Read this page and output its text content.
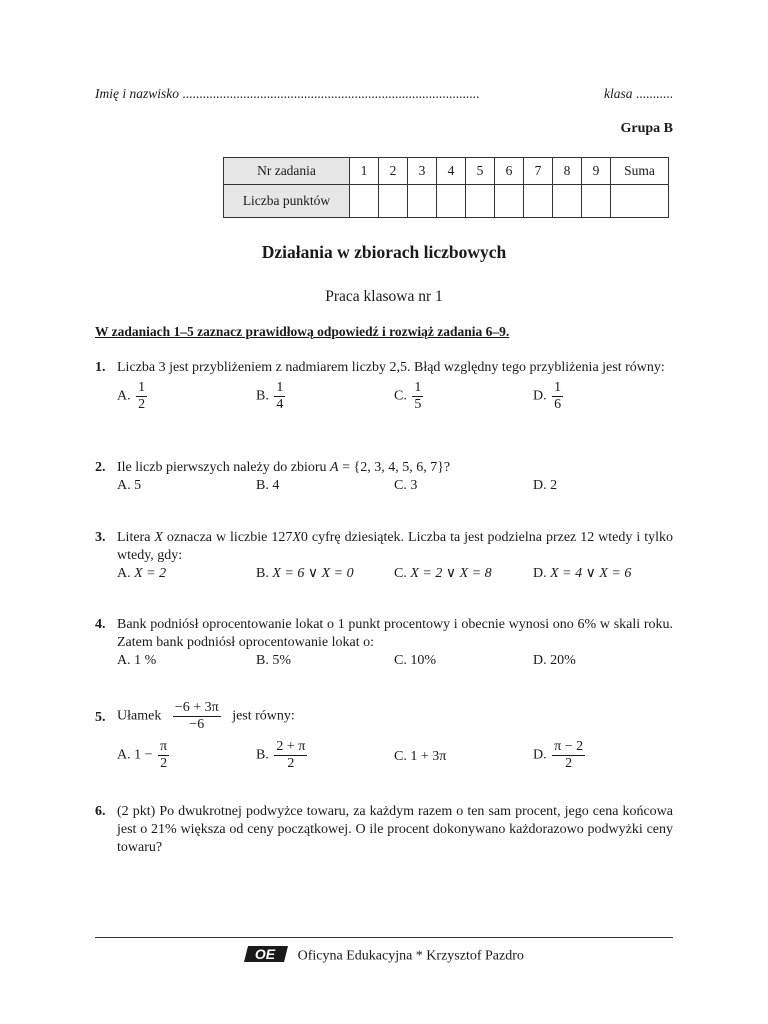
Imię i nazwisko ........................................................................................	klasa ...........
Grupa B
Nr zadania	1	2	3	4	5	6	7	8	9	Suma
Liczba punktów										
Działania w zbiorach liczbowych
Praca klasowa nr 1
W zadaniach 1–5 zaznacz prawidłową odpowiedź i rozwiąż zadania 6–9.
1. Liczba 3 jest przybliżeniem z nadmiarem liczby 2,5. Błąd względny tego przybliżenia jest równy:
A. $\frac{1}{2}$	B. $\frac{1}{4}$	C. $\frac{1}{5}$	D. $\frac{1}{6}$
2. Ile liczb pierwszych należy do zbioru A = {2, 3, 4, 5, 6, 7}?
A. 5	B. 4	C. 3	D. 2
3. Litera X oznacza w liczbie 127X0 cyfrę dziesiątek. Liczba ta jest podzielna przez 12 wtedy i tylko wtedy, gdy:
A. X = 2	B. X = 6 ∨ X = 0	C. X = 2 ∨ X = 8	D. X = 4 ∨ X = 6
4. Bank podniósł oprocentowanie lokat o 1 punkt procentowy i obecnie wynosi ono 6% w skali roku. Zatem bank podniósł oprocentowanie lokat o:
A. 1 %	B. 5%	C. 10%	D. 20%
5. Ułamek $\frac{-6 + 3\pi}{-6}$ jest równy:
A. $1 - \frac{\pi}{2}$	B. $\frac{2 + \pi}{2}$	C. 1 + 3π	D. $\frac{\pi - 2}{2}$
6. (2 pkt) Po dwukrotnej podwyżce towaru, za każdym razem o ten sam procent, jego cena końcowa jest o 21% większa od ceny początkowej. O ile procent dokonywano każdorazowo podwyżki ceny towaru?
OE Oficyna Edukacyjna * Krzysztof Pazdro
